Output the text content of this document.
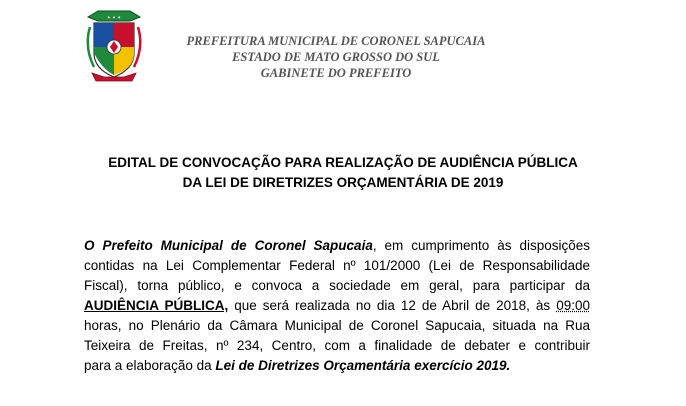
✦ ✦ ✦
PREFEITURA MUNICIPAL DE CORONEL SAPUCAIA
ESTADO DE MATO GROSSO DO SUL
GABINETE DO PREFEITO
EDITAL DE CONVOCAÇÃO PARA REALIZAÇÃO DE AUDIÊNCIA PÚBLICA
DA LEI DE DIRETRIZES ORÇAMENTÁRIA DE 2019
O Prefeito Municipal de Coronel Sapucaia, em cumprimento às disposições
contidas na Lei Complementar Federal nº 101/2000 (Lei de Responsabilidade
Fiscal), torna público, e convoca a sociedade em geral, para participar da
AUDIÊNCIA PÚBLICA, que será realizada no dia 12 de Abril de 2018, às 09:00
horas, no Plenário da Câmara Municipal de Coronel Sapucaia, situada na Rua
Teixeira de Freitas, nº 234, Centro, com a finalidade de debater e contribuir
para a elaboração da Lei de Diretrizes Orçamentária exercício 2019.
